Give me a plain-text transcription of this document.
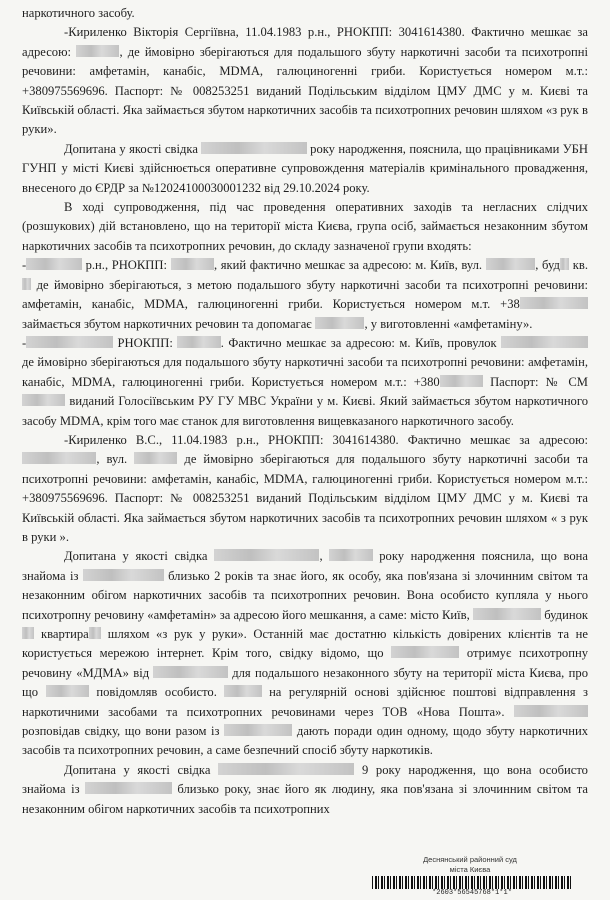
наркотичного засобу.

-Кириленко Вікторія Сергіївна, 11.04.1983 р.н., РНОКПП: 3041614380. Фактично мешкає за адресою:	, де ймовірно зберігаються для подальшого збуту наркотичні засоби та психотропні речовини: амфетамін, канабіс, MDMA, галюциногенні гриби. Користується номером м.т.: +380975569696. Паспорт: № 008253251 виданий Подільським відділом ЦМУ ДМС у м. Києві та Київській області. Яка займається збутом наркотичних засобів та психотропних речовин шляхом «з рук в руки».

Допитана у якості свідка	року народження, пояснила, що працівниками УБН ГУНП у місті Києві здійснюється оперативне супровождення матеріалів кримінального провадження, внесеного до ЄРДР за №12024100030001232 від 29.10.2024 року.

В ході супроводження, під час проведення оперативних заходів та негласних слідчих (розшукових) дій встановлено, що на території міста Києва, група осіб, займається незаконним збутом наркотичних засобів та психотропних речовин, до складу зазначеної групи входять:

-	р.н., РНОКПП:	, який фактично мешкає за адресою: м. Київ, вул.	, буд кв. де ймовірно зберігаються, з метою подальшого збуту наркотичні засоби та психотропні речовини: амфетамін, канабіс, MDMA, галюциногенні гриби. Користується номером м.т. +38 займається збутом наркотичних речовин та допомагає	, у виготовленні «амфетаміну».

-	РНОКПП:	. Фактично мешкає за адресою: м. Київ, провулок  де ймовірно зберігаються для подальшого збуту наркотичні засоби та психотропні речовини: амфетамін, канабіс, MDMA, галюциногенні гриби. Користується номером м.т.: +380	Паспорт: № СМ виданий Голосіївським РУ ГУ МВС України у м. Києві. Який займається збутом наркотичного засобу MDMA, крім того має станок для виготовлення вищевказаного наркотичного засобу.

-Кириленко В.С., 11.04.1983 р.н., РНОКПП: 3041614380. Фактично мешкає за адресою: , вул.	де ймовірно зберігаються для подальшого збуту наркотичні засоби та психотропні речовини: амфетамін, канабіс, MDMA, галюциногенні гриби. Користується номером м.т.: +380975569696. Паспорт: № 008253251 виданий Подільським відділом ЦМУ ДМС у м. Києві та Київській області. Яка займається збутом наркотичних засобів та психотропних речовин шляхом « з рук в руки ».

Допитана у якості свідка	,	року народження пояснила, що вона знайома із	близько 2 років та знає його, як особу, яка пов'язана зі злочинним світом та незаконним обігом наркотичних засобів та психотропних речовин. Вона особисто купляла у нього психотропну речовину «амфетамін» за адресою його мешкання, а саме: місто Київ,	будинок квартира шляхом «з рук у руки». Останній має достатню кількість довірених клієнтів та не користується мережою інтернет. Крім того, свідку відомо, що	отримує психотропну речовину «МДМА» від	для подальшого незаконного збуту на території міста Києва, про що	повідомляв особисто.	на регулярній основі здійснює поштові відправлення з наркотичними засобами та психотропних речовинами через ТОВ «Нова Пошта».  розповідав свідку, що вони разом із	дають поради один одному, щодо збуту наркотичних засобів та психотропних речовин, а саме безпечний спосіб збуту наркотиків.

Допитана у якості свідка	9 року народження, що вона особисто знайома із	близько року, знає його як людину, яка пов'язана зі злочинним світом та незаконним обігом наркотичних засобів та психотропних

Деснянський районний суд
міста Києва
*2603*56545768*1*1*
